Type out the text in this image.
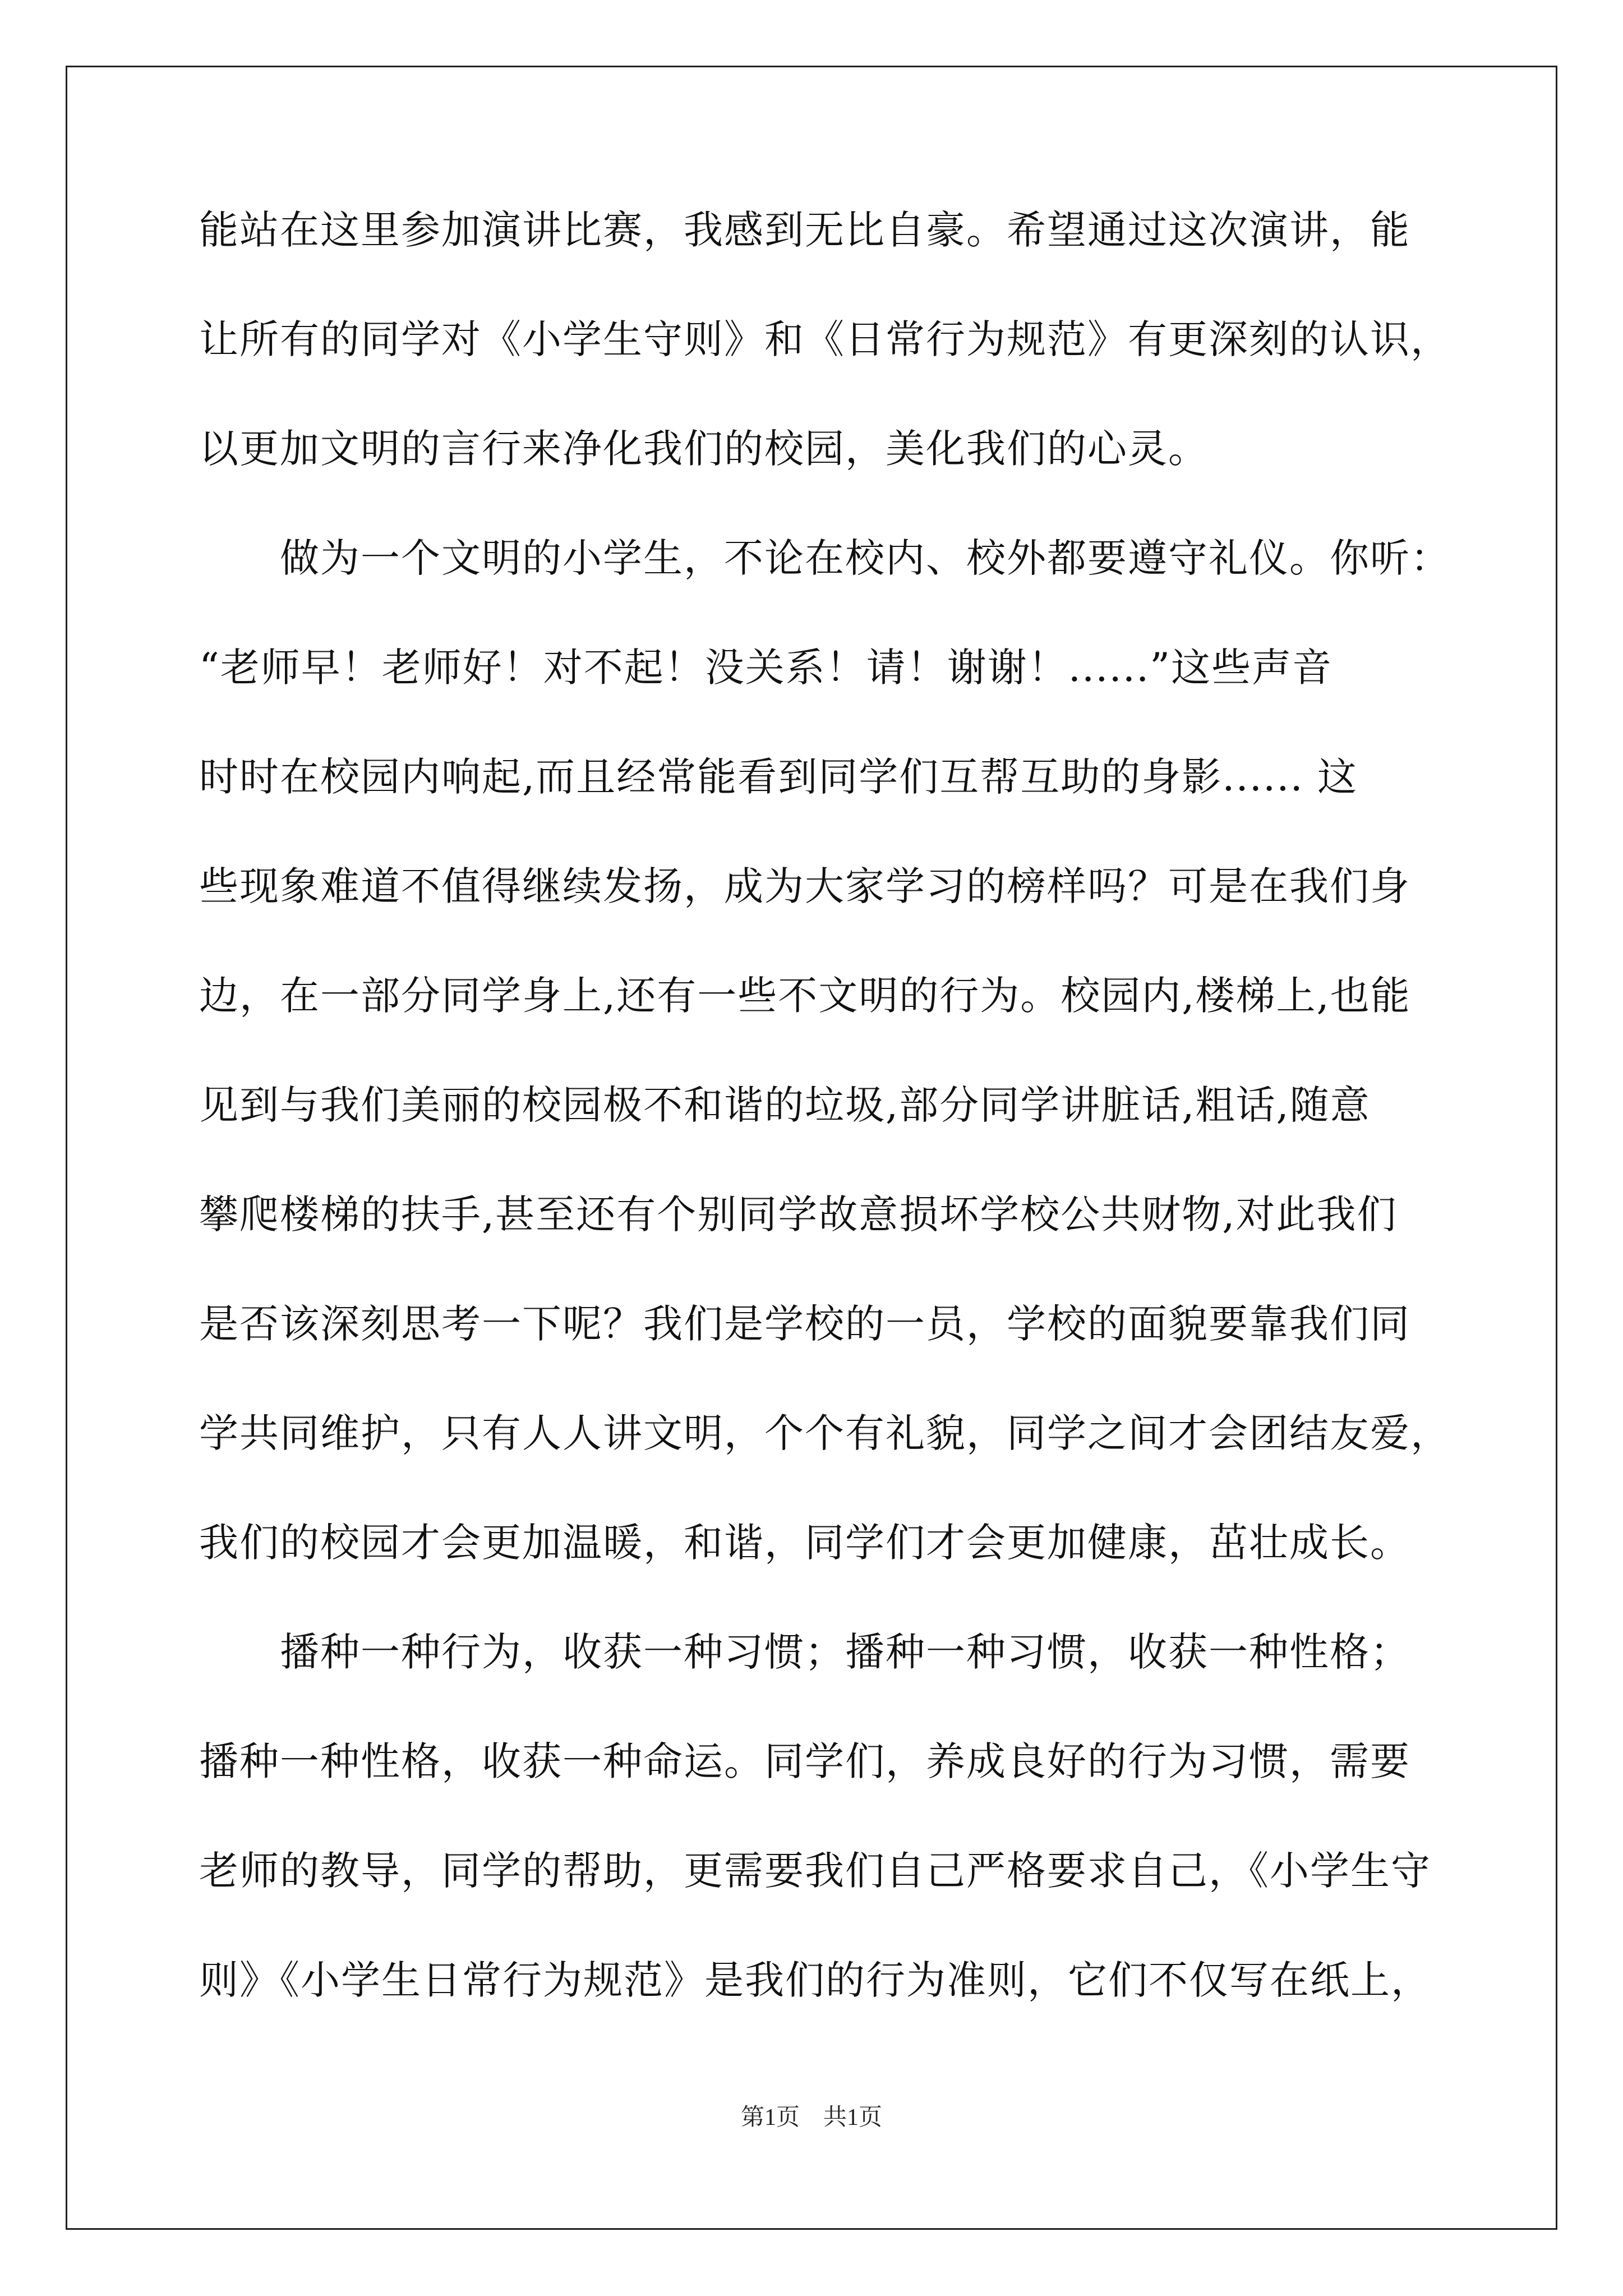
能站在这里参加演讲比赛，我感到无比自豪。希望通过这次演讲，能
让所有的同学对《小学生守则》和《日常行为规范》有更深刻的认识，
以更加文明的言行来净化我们的校园，美化我们的心灵。
　　做为一个文明的小学生，不论在校内、校外都要遵守礼仪。你听：
“老师早！老师好！对不起！没关系！请！谢谢！......”这些声音
时时在校园内响起,而且经常能看到同学们互帮互助的身影...... 这
些现象难道不值得继续发扬，成为大家学习的榜样吗？可是在我们身
边，在一部分同学身上,还有一些不文明的行为。校园内,楼梯上,也能
见到与我们美丽的校园极不和谐的垃圾,部分同学讲脏话,粗话,随意
攀爬楼梯的扶手,甚至还有个别同学故意损坏学校公共财物,对此我们
是否该深刻思考一下呢？我们是学校的一员，学校的面貌要靠我们同
学共同维护，只有人人讲文明，个个有礼貌，同学之间才会团结友爱，
我们的校园才会更加温暖，和谐，同学们才会更加健康，茁壮成长。
　　播种一种行为，收获一种习惯；播种一种习惯，收获一种性格；
播种一种性格，收获一种命运。同学们，养成良好的行为习惯，需要
老师的教导，同学的帮助，更需要我们自己严格要求自己，《小学生守
则》《小学生日常行为规范》是我们的行为准则，它们不仅写在纸上，
第1页　共1页
